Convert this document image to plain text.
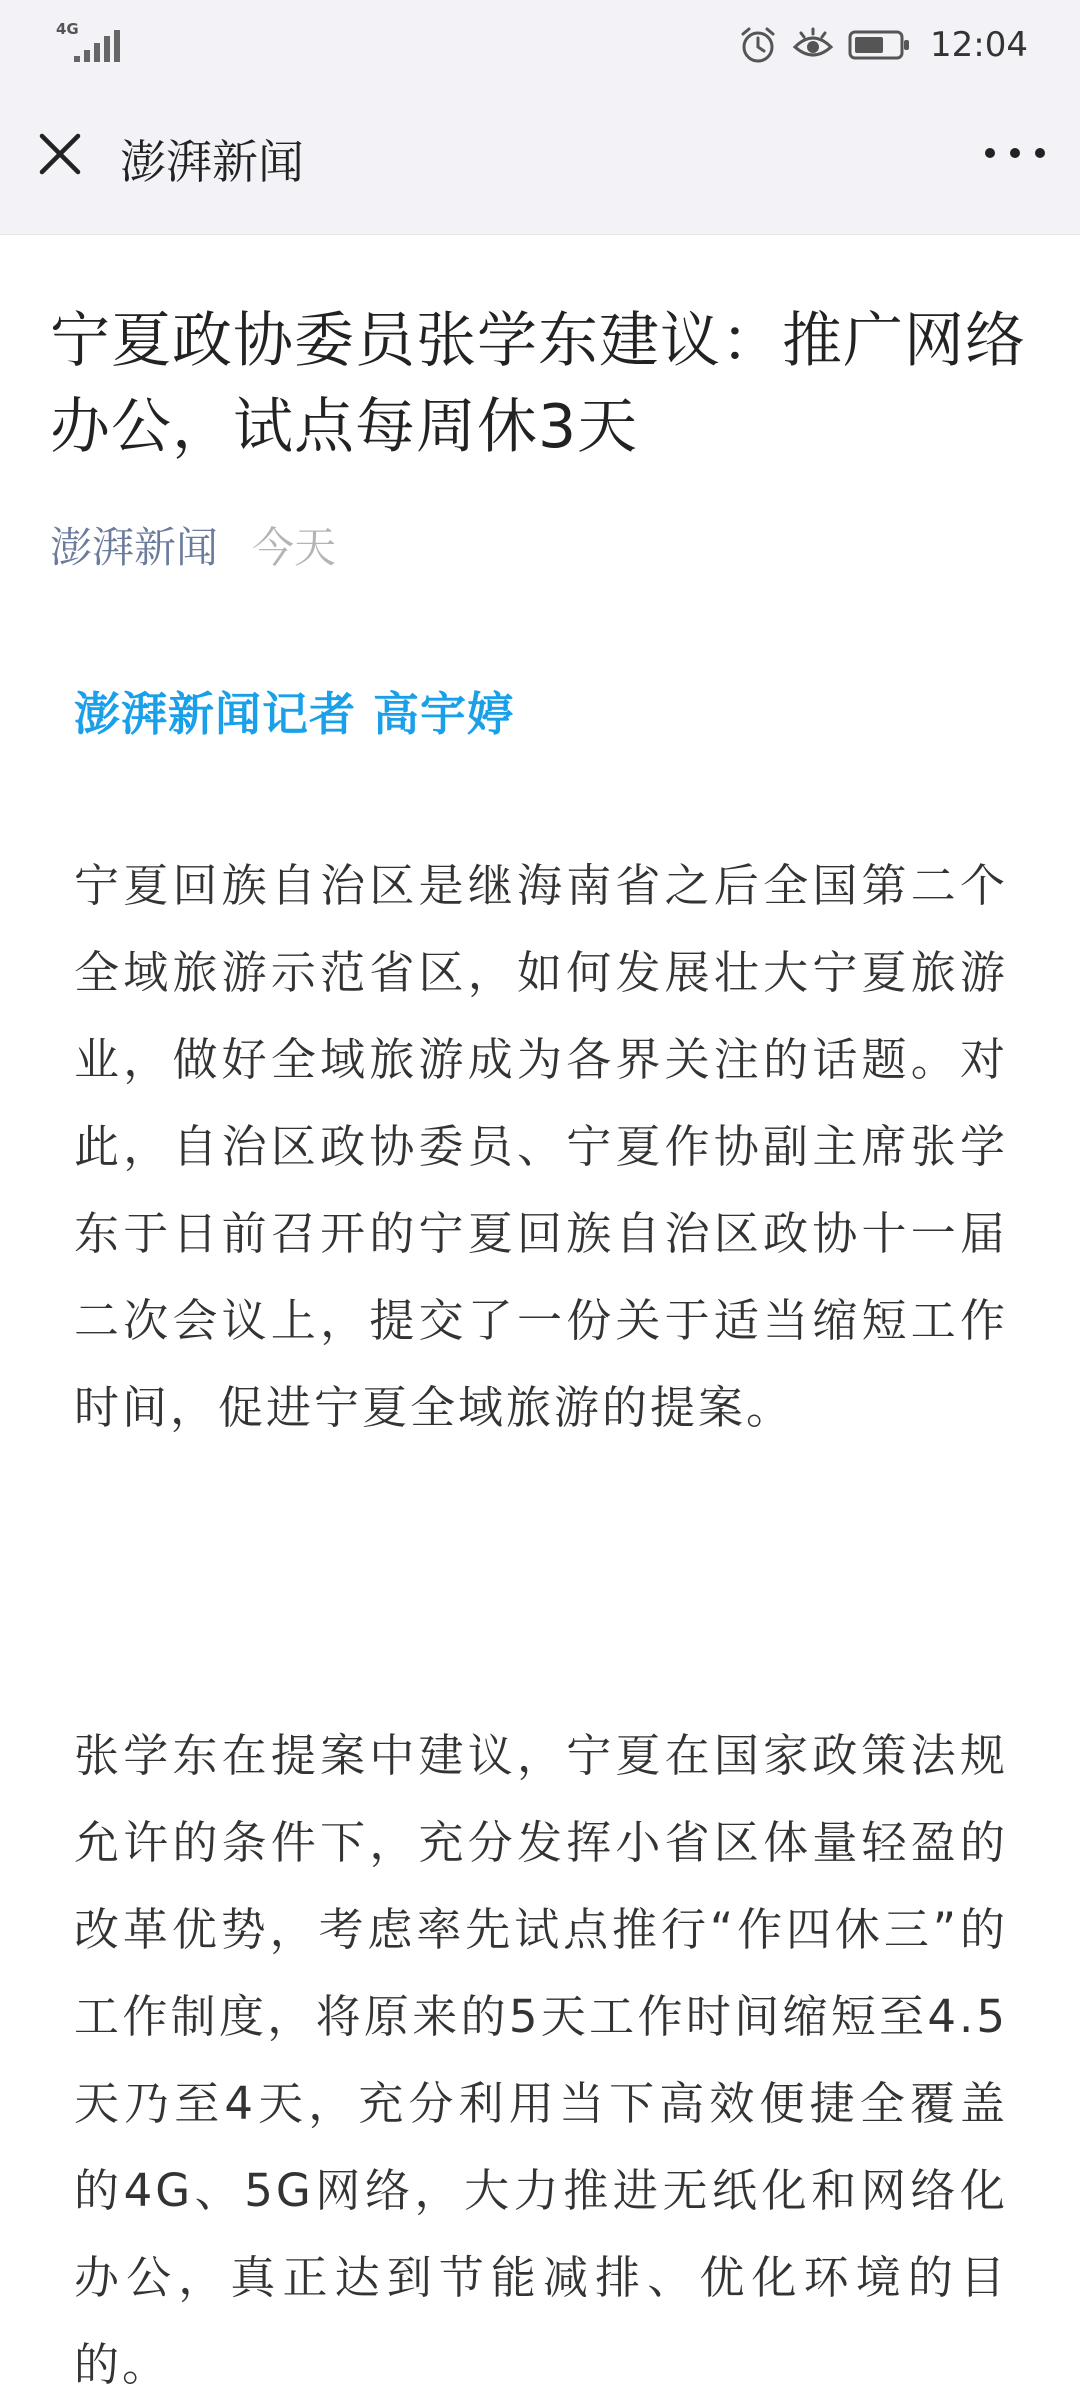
4G	12:04
澎湃新闻
宁夏政协委员张学东建议：推广网络办公，试点每周休3天
澎湃新闻 今天
澎湃新闻记者 高宇婷

宁夏回族自治区是继海南省之后全国第二个全域旅游示范省区，如何发展壮大宁夏旅游业，做好全域旅游成为各界关注的话题。对此，自治区政协委员、宁夏作协副主席张学东于日前召开的宁夏回族自治区政协十一届二次会议上，提交了一份关于适当缩短工作时间，促进宁夏全域旅游的提案。

张学东在提案中建议，宁夏在国家政策法规允许的条件下，充分发挥小省区体量轻盈的改革优势，考虑率先试点推行“作四休三”的工作制度，将原来的5天工作时间缩短至4.5天乃至4天，充分利用当下高效便捷全覆盖的4G、5G网络，大力推进无纸化和网络化办公，真正达到节能减排、优化环境的目的。
